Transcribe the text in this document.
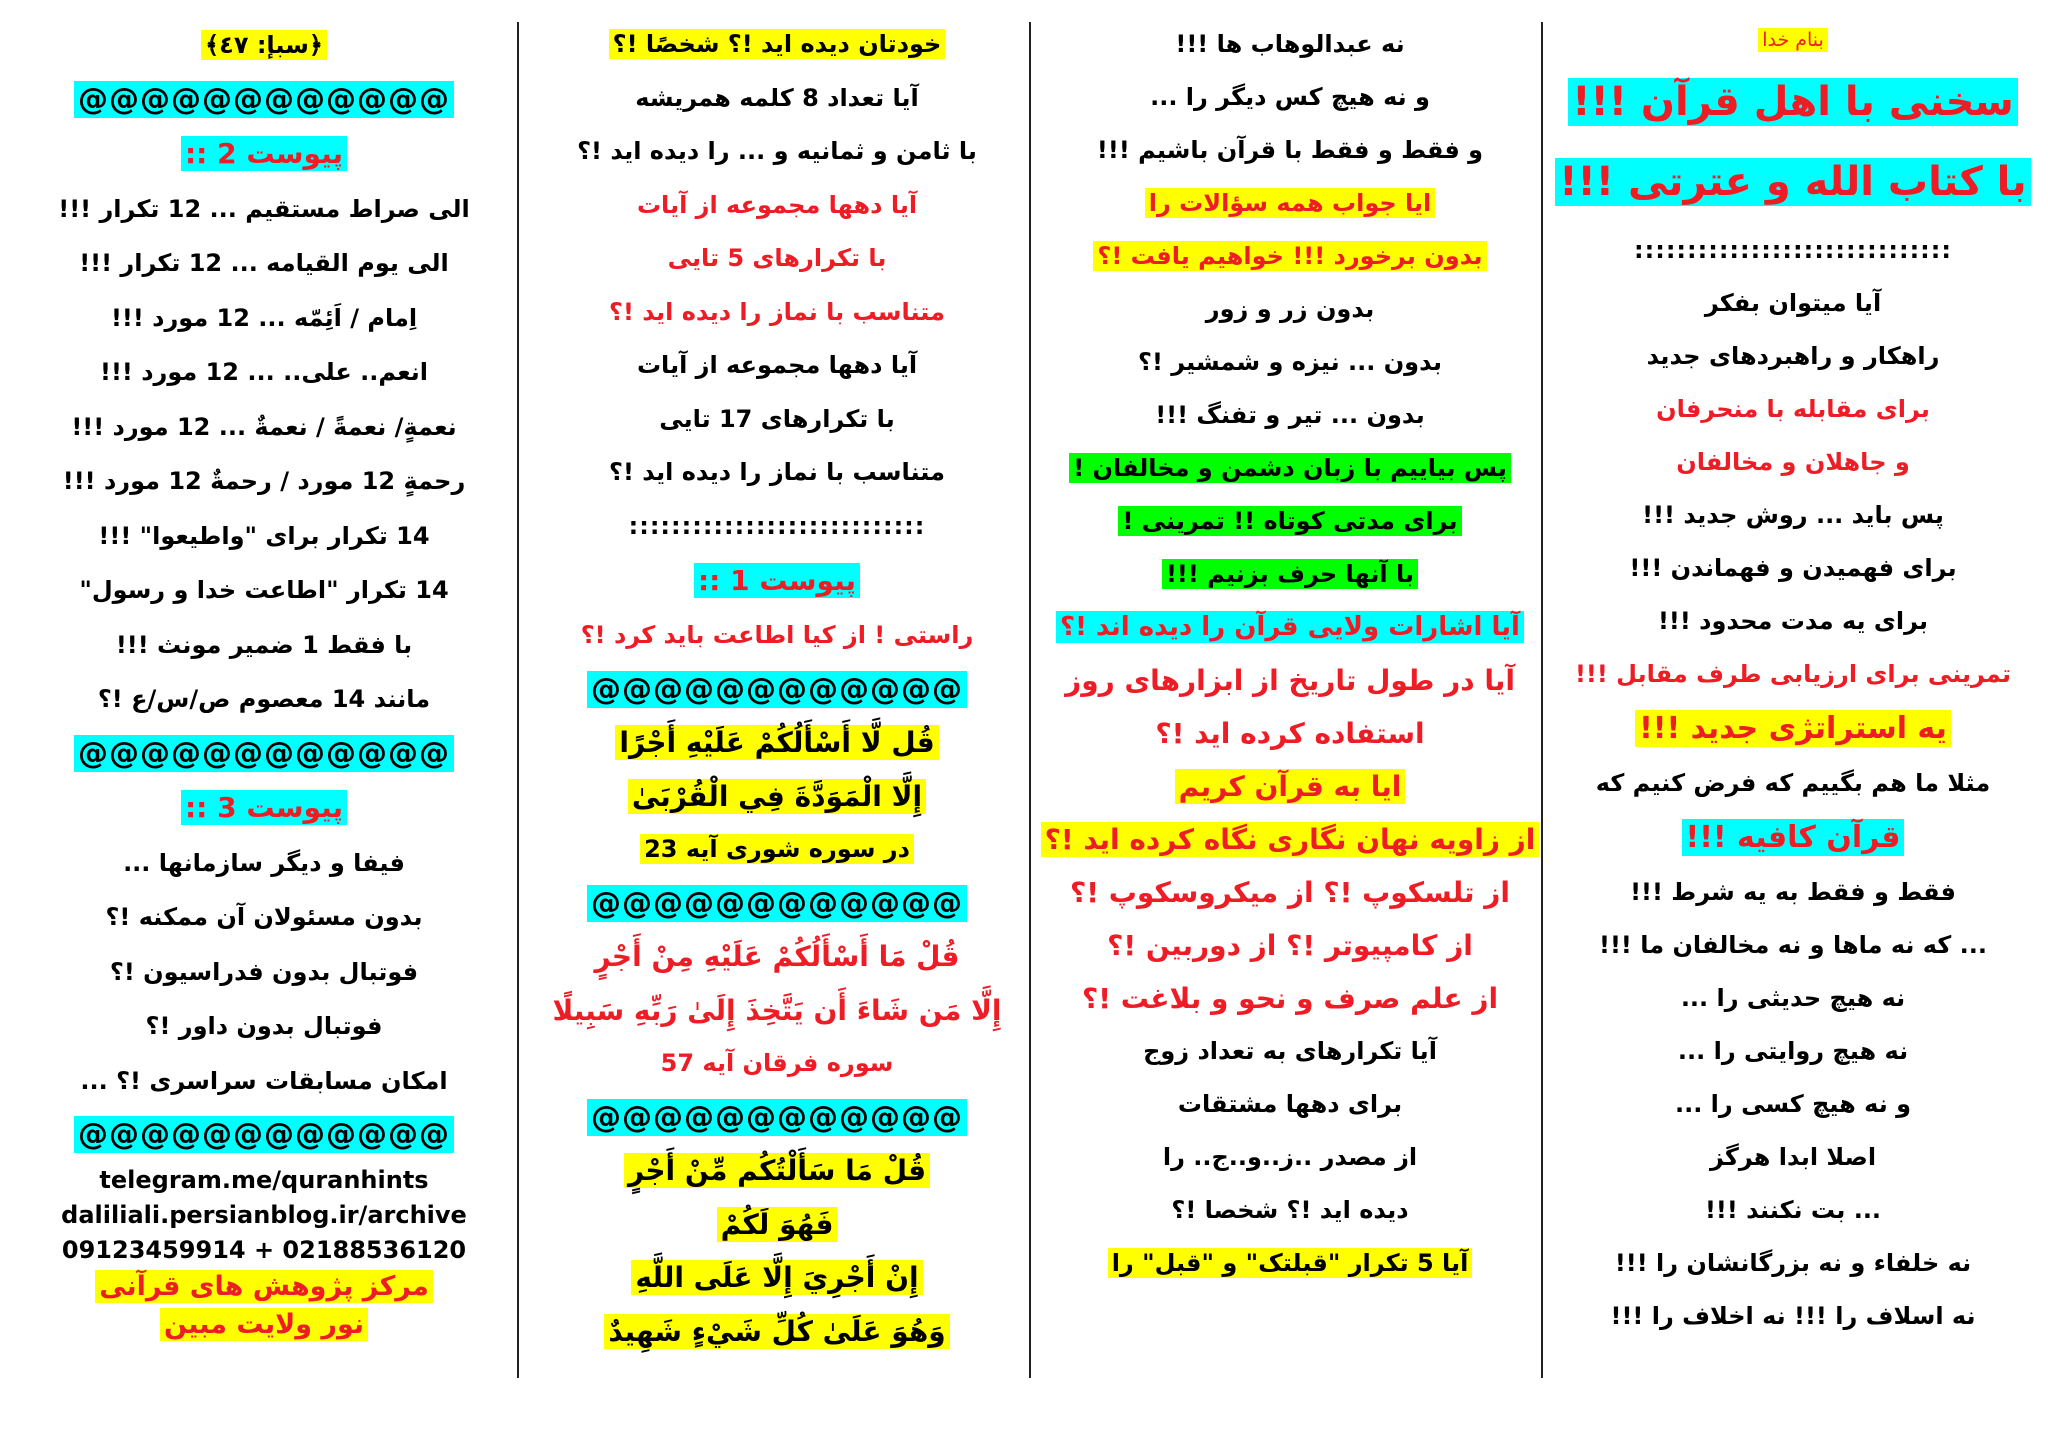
بنام خدا
سخنی با اهل قرآن !!!
با کتاب الله و عترتی !!!
::::::::::::::::::::::::::::::
آیا میتوان بفکر
راهکار و راهبردهای جدید
برای مقابله با منحرفان
و جاهلان و مخالفان
پس باید ... روش جدید !!!
برای فهمیدن و فهماندن !!!
برای یه مدت محدود !!!
تمرینی برای ارزیابی طرف مقابل !!!
یه استراتژی جدید !!!
مثلا ما هم بگییم که فرض کنیم که
قرآن کافیه !!!
فقط و فقط به یه شرط !!!
... که نه ماها و نه مخالفان ما !!!
نه هیچ حدیثی را ...
نه هیچ روایتی را ...
و نه هیچ کسی را ...
اصلا ابدا هرگز
... بت نکنند !!!
نه خلفاء و نه بزرگانشان را !!!
نه اسلاف را !!! نه اخلاف را !!!
نه عبدالوهاب ها !!!
و نه هیچ کس دیگر را ...
و فقط و فقط با قرآن باشیم !!!
ایا جواب همه سؤالات را
بدون برخورد !!! خواهیم یافت !؟
بدون زر و زور
بدون ... نیزه و شمشیر !؟
بدون ... تیر و تفنگ !!!
پس بیاییم با زبان دشمن و مخالفان !
برای مدتی کوتاه !! تمرینی !
با آنها حرف بزنیم !!!
آیا اشارات ولایی قرآن را دیده اند !؟
آیا در طول تاریخ از ابزارهای روز
استفاده کرده اید !؟
ایا به قرآن کریم
از زاویه نهان نگاری نگاه کرده اید !؟
از تلسکوپ !؟ از میکروسکوپ !؟
از کامپیوتر !؟ از دوربین !؟
از علم صرف و نحو و بلاغت !؟
آیا تکرارهای به تعداد زوج
برای دهها مشتقات
از مصدر ..ز..و..ج.. را
دیده اید !؟ شخصا !؟
آیا 5 تکرار "قبلتک" و "قبل" را
خودتان دیده اید !؟ شخصًا !؟
آیا تعداد 8 کلمه همریشه
با ثامن و ثمانیه و ... را دیده اید !؟
آیا دهها مجموعه از آیات
با تکرارهای 5 تایی
متناسب با نماز را دیده اید !؟
آیا دهها مجموعه از آیات
با تکرارهای 17 تایی
متناسب با نماز را دیده اید !؟
::::::::::::::::::::::::::::
پیوست 1 ::
راستی ! از کیا اطاعت باید کرد !؟
@@@@@@@@@@@@
قُل لَّا أَسْأَلُكُمْ عَلَيْهِ أَجْرًا
إِلَّا الْمَوَدَّةَ فِي الْقُرْبَىٰ
در سوره شوری آیه 23
@@@@@@@@@@@@
قُلْ مَا أَسْأَلُكُمْ عَلَيْهِ مِنْ أَجْرٍ
إِلَّا مَن شَاءَ أَن يَتَّخِذَ إِلَىٰ رَبِّهِ سَبِيلًا
سوره فرقان آیه 57
@@@@@@@@@@@@
قُلْ مَا سَأَلْتُكُم مِّنْ أَجْرٍ
فَهُوَ لَكُمْ
إِنْ أَجْرِيَ إِلَّا عَلَى اللَّهِ
وَهُوَ عَلَىٰ كُلِّ شَيْءٍ شَهِيدٌ
﴿سبإ: ٤٧﴾
@@@@@@@@@@@@
پیوست 2 ::
الی صراط مستقیم ... 12 تکرار !!!
الی یوم القیامه ... 12 تکرار !!!
اِمام / اَئِمّه ... 12 مورد !!!
انعم.. علی.. ... 12 مورد !!!
نعمةٍ/ نعمةً / نعمةٌ ... 12 مورد !!!
رحمةٍ 12 مورد / رحمةٌ 12 مورد !!!
14 تکرار برای "واطیعوا" !!!
14 تکرار "اطاعت خدا و رسول"
با فقط 1 ضمیر مونث !!!
مانند 14 معصوم ص/س/ع !؟
@@@@@@@@@@@@
پیوست 3 ::
فیفا و دیگر سازمانها ...
بدون مسئولان آن ممکنه !؟
فوتبال بدون فدراسیون !؟
فوتبال بدون داور !؟
امکان مسابقات سراسری !؟ ...
@@@@@@@@@@@@
telegram.me/quranhints
daliliali.persianblog.ir/archive
09123459914 + 02188536120
مرکز پژوهش های قرآنی
نور ولایت مبین
